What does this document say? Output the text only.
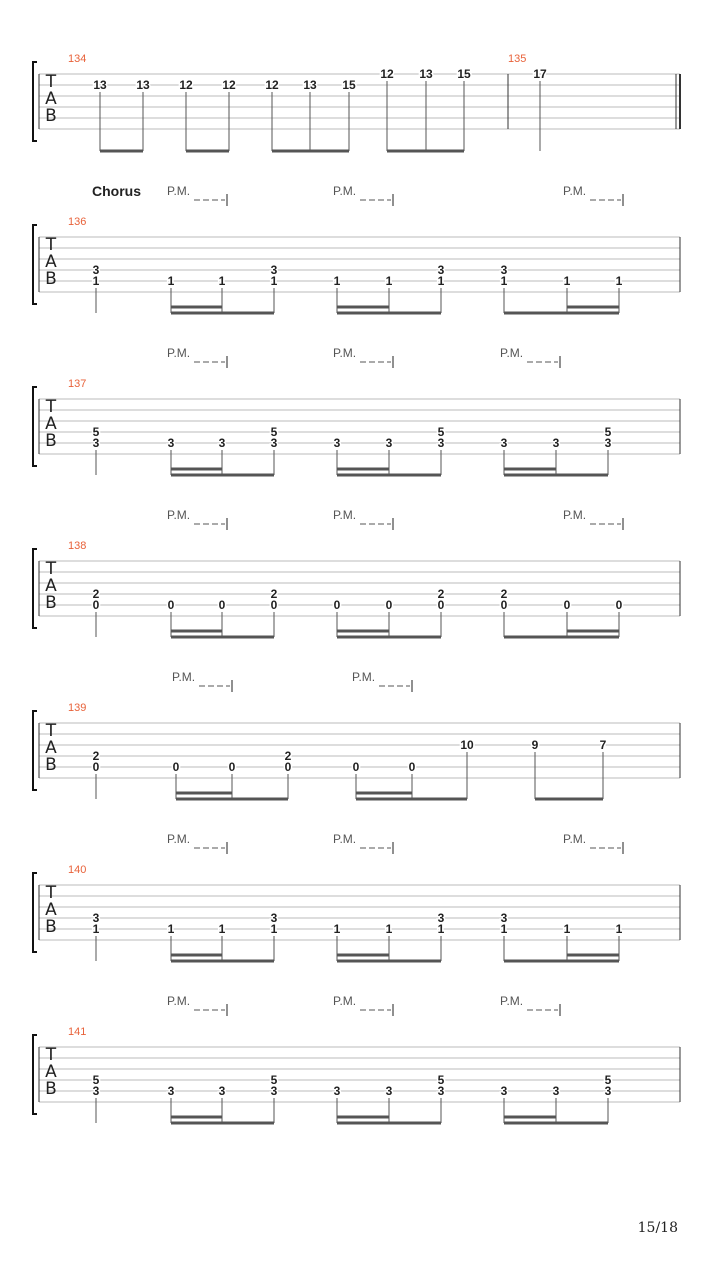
T
A
B
134
13 13 12 12 12 13 15
12 13 15
135
17
T
A
B
Chorus
136
3
1	1	1
3
1	1	1
3
1
3
1	1	1
P.M.	P.M.	P.M.
T
A
B
137
5
3	3	3
5
3	3	3
5
3	3	3
5
3
P.M.	P.M.	P.M.
T
A
B
138
2
0	0	0
2
0	0	0
2
0
2
0	0	0
P.M.	P.M.	P.M.
T
A
B
139
2
0	0	0
2
0	0	0
10	9	7
P.M.	P.M.
T
A
B
140
3
1	1	1
3
1	1	1
3
1
3
1	1	1
P.M.	P.M.	P.M.
T
A
B
141
5
3	3	3
5
3	3	3
5
3	3	3
5
3
P.M.	P.M.	P.M.
15/18
